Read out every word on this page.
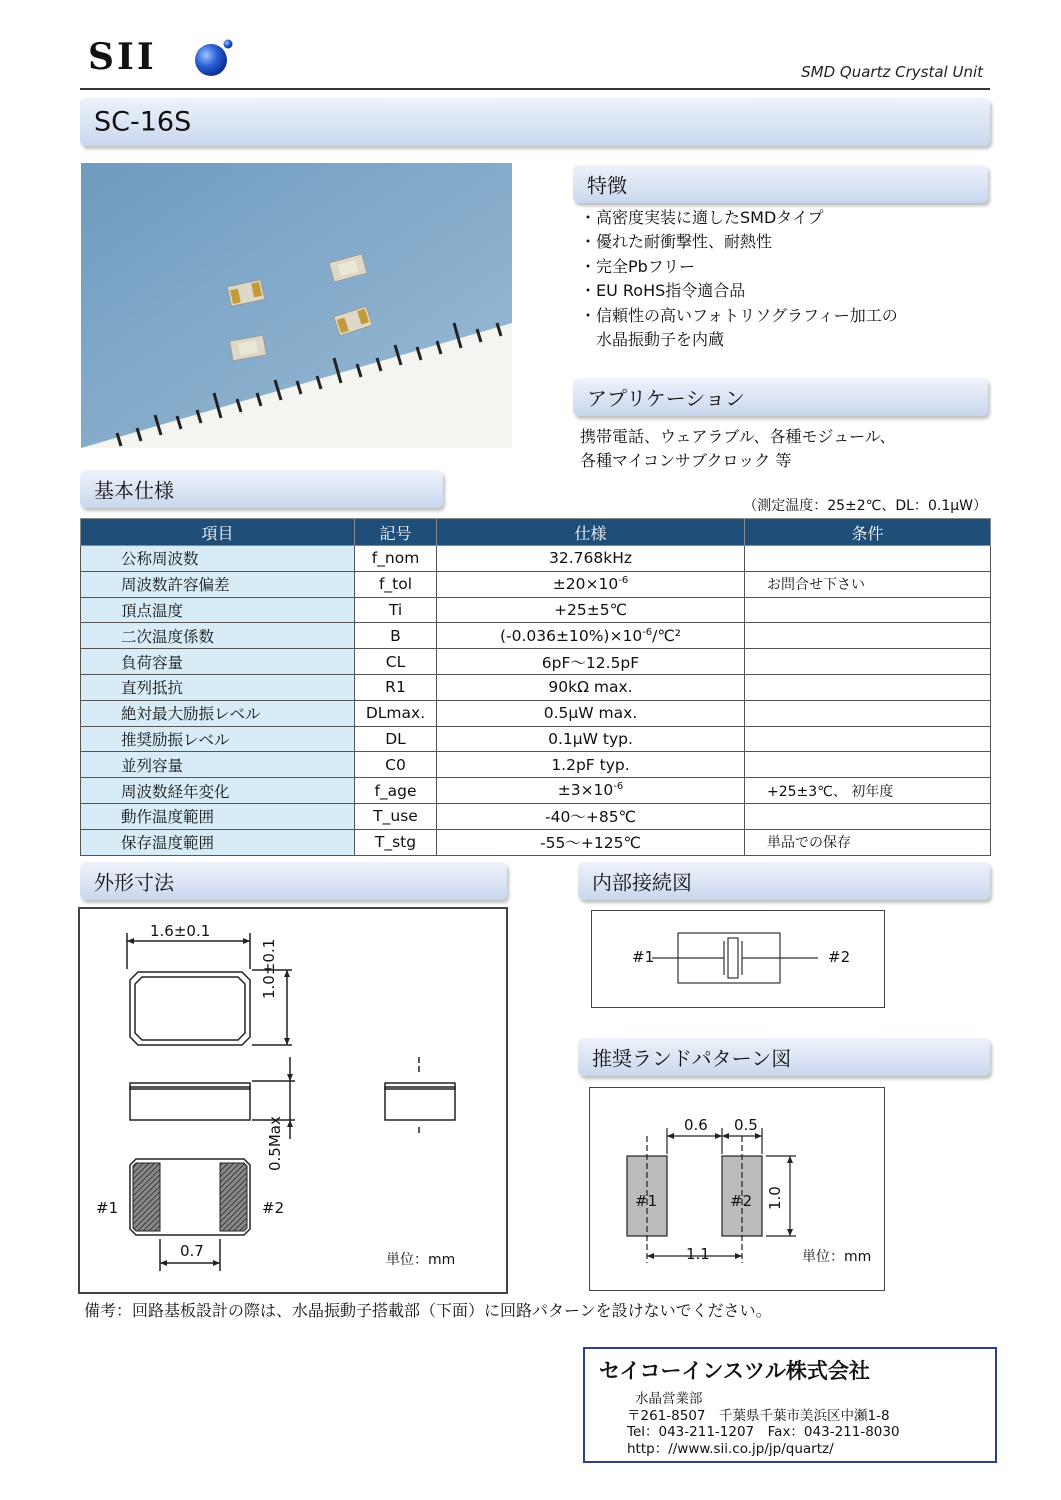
SII	SMD Quartz Crystal Unit
SC-16S
特徴
・高密度実装に適したSMDタイプ
・優れた耐衝撃性、耐熱性
・完全Pbフリー
・EU RoHS指令適合品
・信頼性の高いフォトリソグラフィー加工の
　水晶振動子を内蔵
アプリケーション
携帯電話、ウェアラブル、各種モジュール、
各種マイコンサブクロック 等
基本仕様
（測定温度：25±2℃、DL：0.1μW）
項目	記号	仕様	条件
公称周波数	f_nom	32.768kHz	
周波数許容偏差	f_tol	$\pm 20\times 10^{-6}$	お問合せ下さい
頂点温度	Ti	+25±5℃	
二次温度係数	B	$(-0.036\pm 10\%)\times 10^{-6}/℃^2$	
負荷容量	CL	6pF～12.5pF	
直列抵抗	R1	90kΩ max.	
絶対最大励振レベル	DLmax.	0.5μW max.	
推奨励振レベル	DL	0.1μW typ.	
並列容量	C0	1.2pF typ.	
周波数経年変化	f_age	$\pm 3\times 10^{-6}$	+25±3℃、 初年度
動作温度範囲	T_use	-40～+85℃	
保存温度範囲	T_stg	-55～+125℃	単品での保存
外形寸法
1.6±0.1
1.0±0.1
0.5Max
#1	#2
0.7	単位：mm
内部接続図
#1	#2
推奨ランドパターン図
0.6 0.5
1.0
1.1
#1	#2
単位：mm
備考：回路基板設計の際は、水晶振動子搭載部（下面）に回路パターンを設けないでください。
セイコーインスツル株式会社
水晶営業部
〒261-8507　千葉県千葉市美浜区中瀬1-8
Tel：043-211-1207　Fax：043-211-8030
http：//www.sii.co.jp/jp/quartz/
